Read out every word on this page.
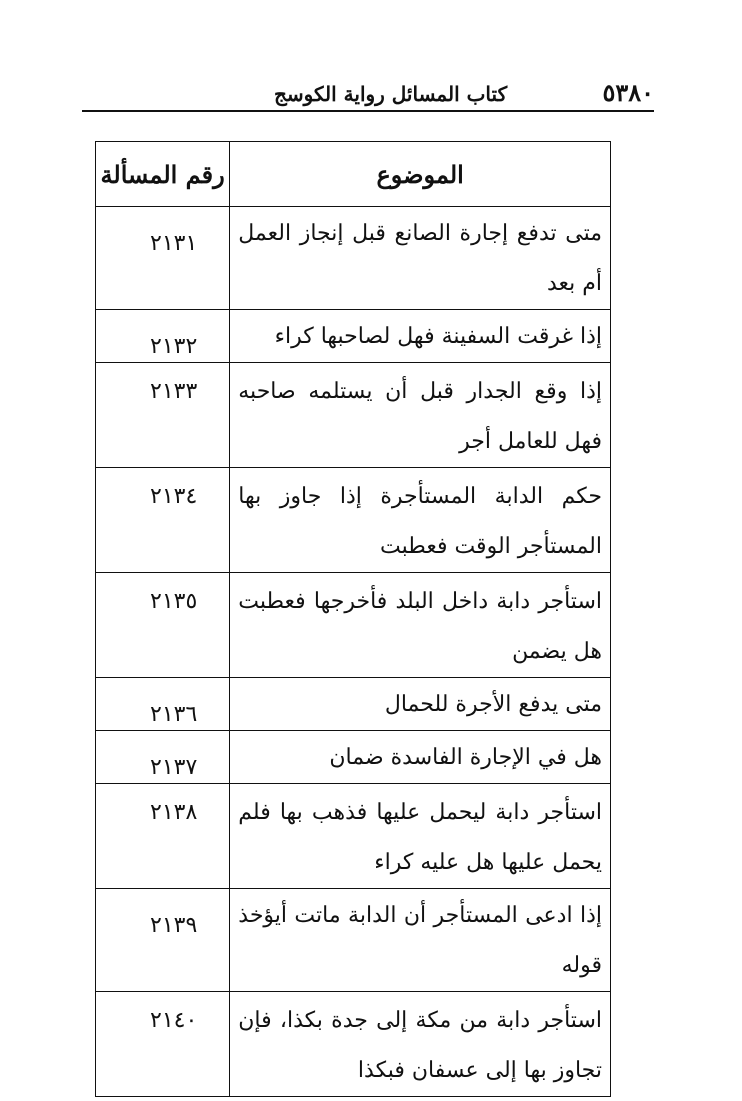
٥٣٨٠
كتاب المسائل رواية الكوسج
الموضوع	رقم المسألة
متى تدفع إجارة الصانع قبل إنجاز العمل أم بعد	٢١٣١
إذا غرقت السفينة فهل لصاحبها كراء	٢١٣٢
إذا وقع الجدار قبل أن يستلمه صاحبه فهل للعامل أجر	٢١٣٣
حكم الدابة المستأجرة إذا جاوز بها المستأجر الوقت فعطبت	٢١٣٤
استأجر دابة داخل البلد فأخرجها فعطبت هل يضمن	٢١٣٥
متى يدفع الأجرة للحمال	٢١٣٦
هل في الإجارة الفاسدة ضمان	٢١٣٧
استأجر دابة ليحمل عليها فذهب بها فلم يحمل عليها هل عليه كراء	٢١٣٨
إذا ادعى المستأجر أن الدابة ماتت أيؤخذ قوله	٢١٣٩
استأجر دابة من مكة إلى جدة بكذا، فإن تجاوز بها إلى عسفان فبكذا	٢١٤٠
